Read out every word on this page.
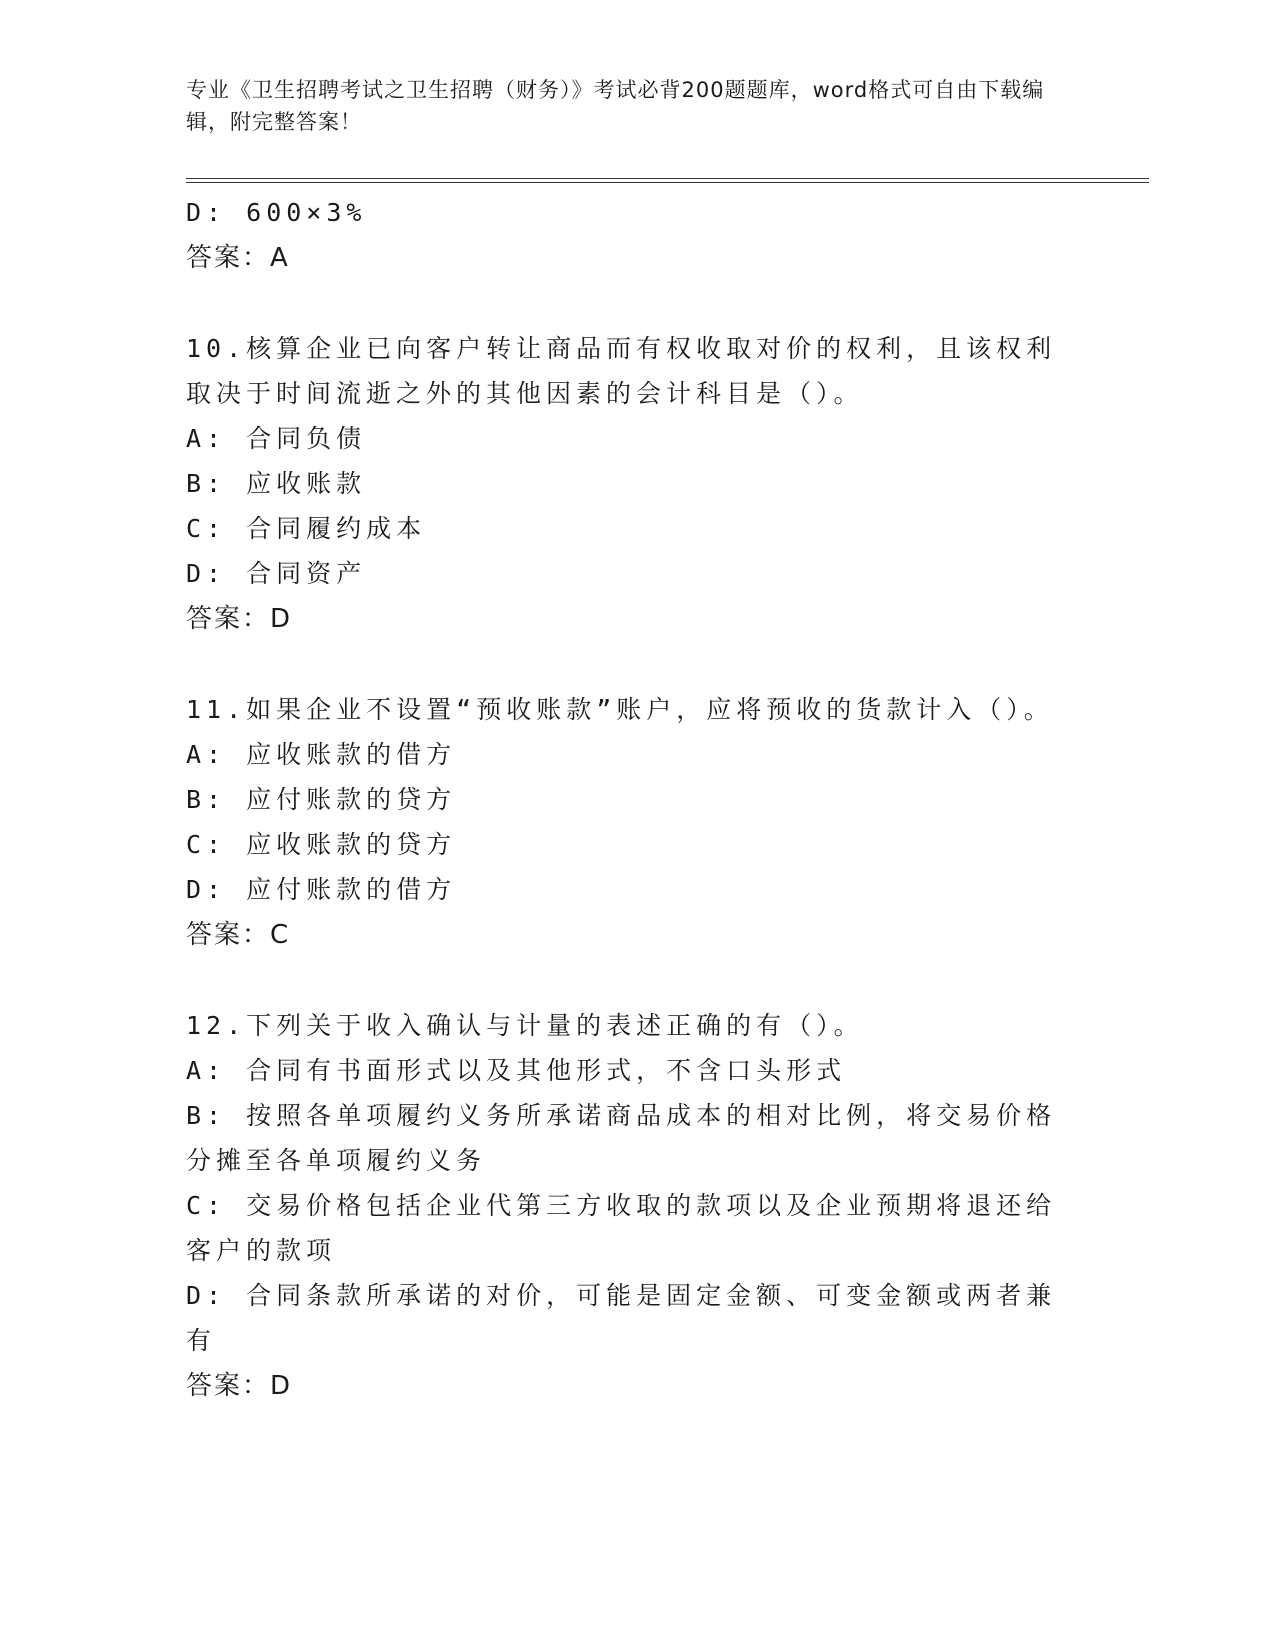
专业《卫生招聘考试之卫生招聘（财务）》考试必背200题题库，word格式可自由下载编辑，附完整答案！
D: 600×3%
答案：A
10.核算企业已向客户转让商品而有权收取对价的权利，且该权利取决于时间流逝之外的其他因素的会计科目是（）。
A: 合同负债
B: 应收账款
C: 合同履约成本
D: 合同资产
答案：D
11.如果企业不设置“预收账款”账户，应将预收的货款计入（）。
A: 应收账款的借方
B: 应付账款的贷方
C: 应收账款的贷方
D: 应付账款的借方
答案：C
12.下列关于收入确认与计量的表述正确的有（）。
A: 合同有书面形式以及其他形式，不含口头形式
B: 按照各单项履约义务所承诺商品成本的相对比例，将交易价格分摊至各单项履约义务
C: 交易价格包括企业代第三方收取的款项以及企业预期将退还给客户的款项
D: 合同条款所承诺的对价，可能是固定金额、可变金额或两者兼有
答案：D
